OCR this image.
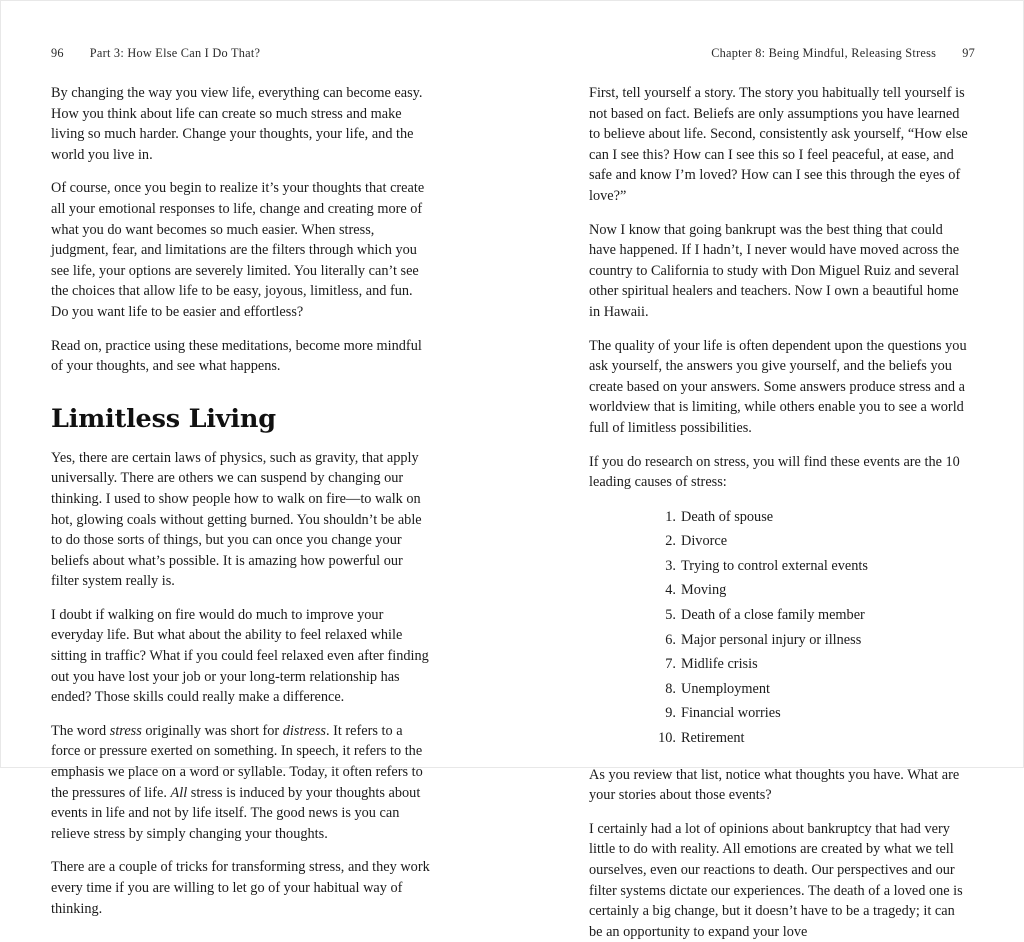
96 Part 3: How Else Can I Do That?	Chapter 8: Being Mindful, Releasing Stress 97

By changing the way you view life, everything can become easy. How you think about life can create so much stress and make living so much harder. Change your thoughts, your life, and the world you live in.

Of course, once you begin to realize it’s your thoughts that create all your emotional responses to life, change and creating more of what you do want becomes so much easier. When stress, judgment, fear, and limitations are the filters through which you see life, your options are severely limited. You literally can’t see the choices that allow life to be easy, joyous, limitless, and fun. Do you want life to be easier and effortless?

Read on, practice using these meditations, become more mindful of your thoughts, and see what happens.

Limitless Living

Yes, there are certain laws of physics, such as gravity, that apply universally. There are others we can suspend by changing our thinking. I used to show people how to walk on fire—to walk on hot, glowing coals without getting burned. You shouldn’t be able to do those sorts of things, but you can once you change your beliefs about what’s possible. It is amazing how powerful our filter system really is.

I doubt if walking on fire would do much to improve your everyday life. But what about the ability to feel relaxed while sitting in traffic? What if you could feel relaxed even after finding out you have lost your job or your long-term relationship has ended? Those skills could really make a difference.

The word stress originally was short for distress. It refers to a force or pressure exerted on something. In speech, it refers to the emphasis we place on a word or syllable. Today, it often refers to the pressures of life. All stress is induced by your thoughts about events in life and not by life itself. The good news is you can relieve stress by simply changing your thoughts.

There are a couple of tricks for transforming stress, and they work every time if you are willing to let go of your habitual way of thinking.

First, tell yourself a story. The story you habitually tell yourself is not based on fact. Beliefs are only assumptions you have learned to believe about life. Second, consistently ask yourself, “How else can I see this? How can I see this so I feel peaceful, at ease, and safe and know I’m loved? How can I see this through the eyes of love?”

Now I know that going bankrupt was the best thing that could have happened. If I hadn’t, I never would have moved across the country to California to study with Don Miguel Ruiz and several other spiritual healers and teachers. Now I own a beautiful home in Hawaii.

The quality of your life is often dependent upon the questions you ask yourself, the answers you give yourself, and the beliefs you create based on your answers. Some answers produce stress and a worldview that is limiting, while others enable you to see a world full of limitless possibilities.

If you do research on stress, you will find these events are the 10 leading causes of stress:

Death of spouse
Divorce
Trying to control external events
Moving
Death of a close family member
Major personal injury or illness
Midlife crisis
Unemployment
Financial worries
Retirement

As you review that list, notice what thoughts you have. What are your stories about those events?

I certainly had a lot of opinions about bankruptcy that had very little to do with reality. All emotions are created by what we tell ourselves, even our reactions to death. Our perspectives and our filter systems dictate our experiences. The death of a loved one is certainly a big change, but it doesn’t have to be a tragedy; it can be an opportunity to expand your love
